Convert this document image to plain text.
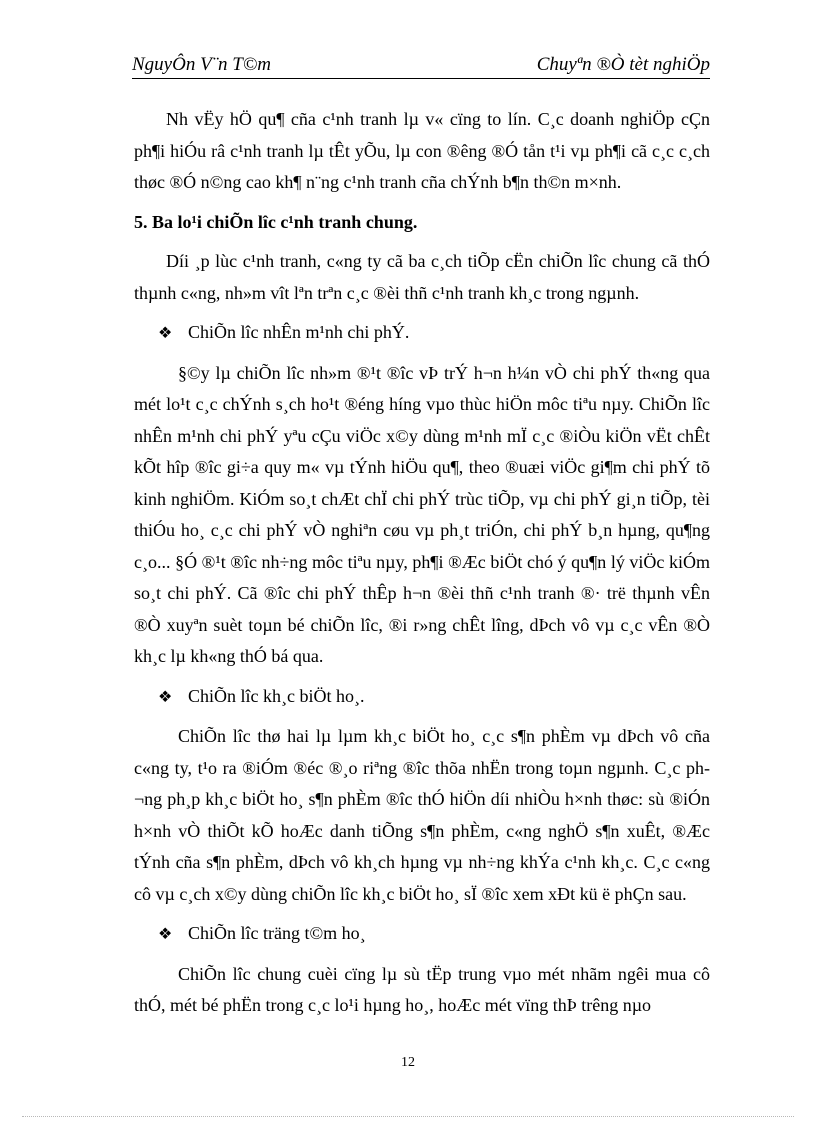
NguyÔn V¨n T©m	Chuyªn ®Ò tèt nghiÖp

Nh vËy hÖ qu¶ cña c¹nh tranh lµ v« cïng to lín. C¸c doanh nghiÖp cÇn ph¶i hiÓu râ c¹nh tranh lµ tÊt yÕu, lµ con ®êng ®Ó tån t¹i vµ ph¶i cã c¸c c¸ch thøc ®Ó n©ng cao kh¶ n¨ng c¹nh tranh cña chÝnh b¶n th©n m×nh.

5. Ba lo¹i chiÕn lîc c¹nh tranh chung.

Díi ¸p lùc c¹nh tranh, c«ng ty cã ba c¸ch tiÕp cËn chiÕn lîc chung cã thÓ thµnh c«ng, nh»m vît lªn trªn c¸c ®èi thñ c¹nh tranh kh¸c trong ngµnh.

❖ ChiÕn lîc nhÊn m¹nh chi phÝ.

§©y lµ chiÕn lîc nh»m ®¹t ®îc vÞ trÝ h¬n h¼n vÒ chi phÝ th«ng qua mét lo¹t c¸c chÝnh s¸ch ho¹t ®éng híng vµo thùc hiÖn môc tiªu nµy. ChiÕn lîc nhÊn m¹nh chi phÝ yªu cÇu viÖc x©y dùng m¹nh mÏ c¸c ®iÒu kiÖn vËt chÊt kÕt hîp ®îc gi÷a quy m« vµ tÝnh hiÖu qu¶, theo ®uæi viÖc gi¶m chi phÝ tõ kinh nghiÖm. KiÓm so¸t chÆt chÏ chi phÝ trùc tiÕp, vµ chi phÝ gi¸n tiÕp, tèi thiÓu ho¸ c¸c chi phÝ vÒ nghiªn cøu vµ ph¸t triÓn, chi phÝ b¸n hµng, qu¶ng c¸o... §Ó ®¹t ®îc nh÷ng môc tiªu nµy, ph¶i ®Æc biÖt chó ý qu¶n lý viÖc kiÓm so¸t chi phÝ. Cã ®îc chi phÝ thÊp h¬n ®èi thñ c¹nh tranh ®· trë thµnh vÊn ®Ò xuyªn suèt toµn bé chiÕn lîc, ®i r»ng chÊt lîng, dÞch vô vµ c¸c vÊn ®Ò kh¸c lµ kh«ng thÓ bá qua.

❖ ChiÕn lîc kh¸c biÖt ho¸.

ChiÕn lîc thø hai lµ lµm kh¸c biÖt ho¸ c¸c s¶n phÈm vµ dÞch vô cña c«ng ty, t¹o ra ®iÓm ®éc ®¸o riªng ®îc thõa nhËn trong toµn ngµnh. C¸c ph¬ng ph¸p kh¸c biÖt ho¸ s¶n phÈm ®îc thÓ hiÖn díi nhiÒu h×nh thøc: sù ®iÓn h×nh vÒ thiÕt kÕ hoÆc danh tiÕng s¶n phÈm, c«ng nghÖ s¶n xuÊt, ®Æc tÝnh cña s¶n phÈm, dÞch vô kh¸ch hµng vµ nh÷ng khÝa c¹nh kh¸c. C¸c c«ng cô vµ c¸ch x©y dùng chiÕn lîc kh¸c biÖt ho¸ sÏ ®îc xem xÐt kü ë phÇn sau.

❖ ChiÕn lîc träng t©m ho¸

ChiÕn lîc chung cuèi cïng lµ sù tËp trung vµo mét nhãm ngêi mua cô thÓ, mét bé phËn trong c¸c lo¹i hµng ho¸, hoÆc mét vïng thÞ trêng nµo

12
